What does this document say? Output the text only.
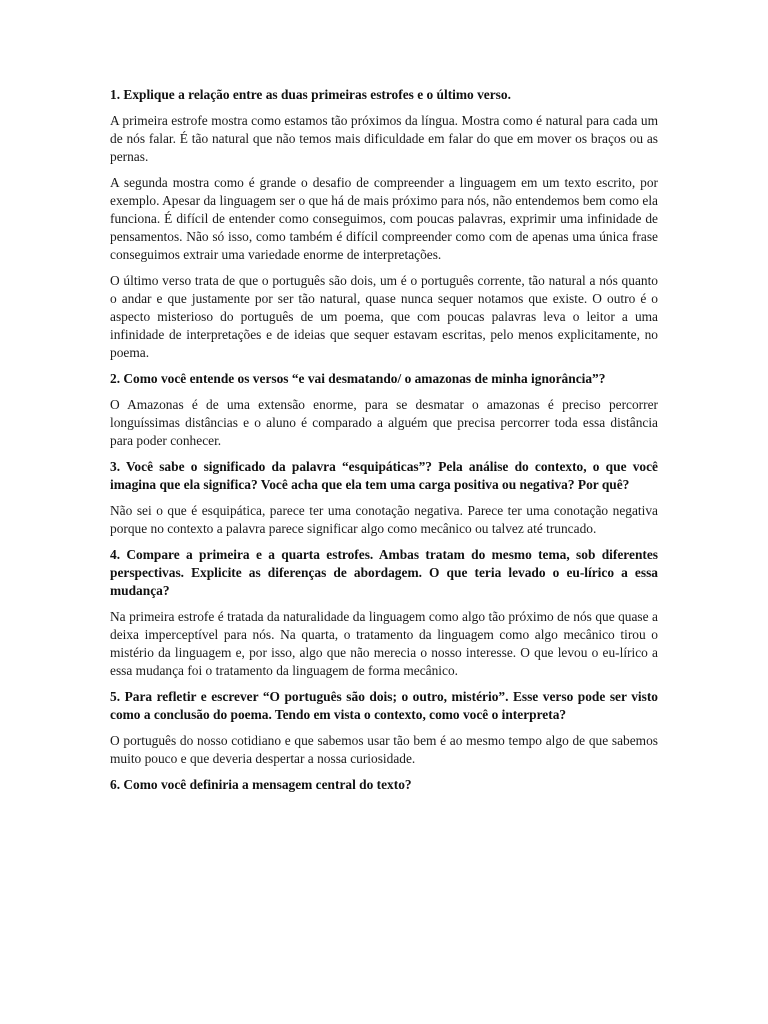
1. Explique a relação entre as duas primeiras estrofes e o último verso.

A primeira estrofe mostra como estamos tão próximos da língua. Mostra como é natural para cada um de nós falar. É tão natural que não temos mais dificuldade em falar do que em mover os braços ou as pernas.

A segunda mostra como é grande o desafio de compreender a linguagem em um texto escrito, por exemplo. Apesar da linguagem ser o que há de mais próximo para nós, não entendemos bem como ela funciona. É difícil de entender como conseguimos, com poucas palavras, exprimir uma infinidade de pensamentos. Não só isso, como também é difícil compreender como com de apenas uma única frase conseguimos extrair uma variedade enorme de interpretações.

O último verso trata de que o português são dois, um é o português corrente, tão natural a nós quanto o andar e que justamente por ser tão natural, quase nunca sequer notamos que existe. O outro é o aspecto misterioso do português de um poema, que com poucas palavras leva o leitor a uma infinidade de interpretações e de ideias que sequer estavam escritas, pelo menos explicitamente, no poema.

2. Como você entende os versos “e vai desmatando/ o amazonas de minha ignorância”?

O Amazonas é de uma extensão enorme, para se desmatar o amazonas é preciso percorrer longuíssimas distâncias e o aluno é comparado a alguém que precisa percorrer toda essa distância para poder conhecer.

3. Você sabe o significado da palavra “esquipáticas”? Pela análise do contexto, o que você imagina que ela significa? Você acha que ela tem uma carga positiva ou negativa? Por quê?

Não sei o que é esquipática, parece ter uma conotação negativa. Parece ter uma conotação negativa porque no contexto a palavra parece significar algo como mecânico ou talvez até truncado.

4. Compare a primeira e a quarta estrofes. Ambas tratam do mesmo tema, sob diferentes perspectivas. Explicite as diferenças de abordagem. O que teria levado o eu-lírico a essa mudança?

Na primeira estrofe é tratada da naturalidade da linguagem como algo tão próximo de nós que quase a deixa imperceptível para nós. Na quarta, o tratamento da linguagem como algo mecânico tirou o mistério da linguagem e, por isso, algo que não merecia o nosso interesse. O que levou o eu-lírico a essa mudança foi o tratamento da linguagem de forma mecânico.

5. Para refletir e escrever “O português são dois; o outro, mistério”. Esse verso pode ser visto como a conclusão do poema. Tendo em vista o contexto, como você o interpreta?

O português do nosso cotidiano e que sabemos usar tão bem é ao mesmo tempo algo de que sabemos muito pouco e que deveria despertar a nossa curiosidade.

6. Como você definiria a mensagem central do texto?
